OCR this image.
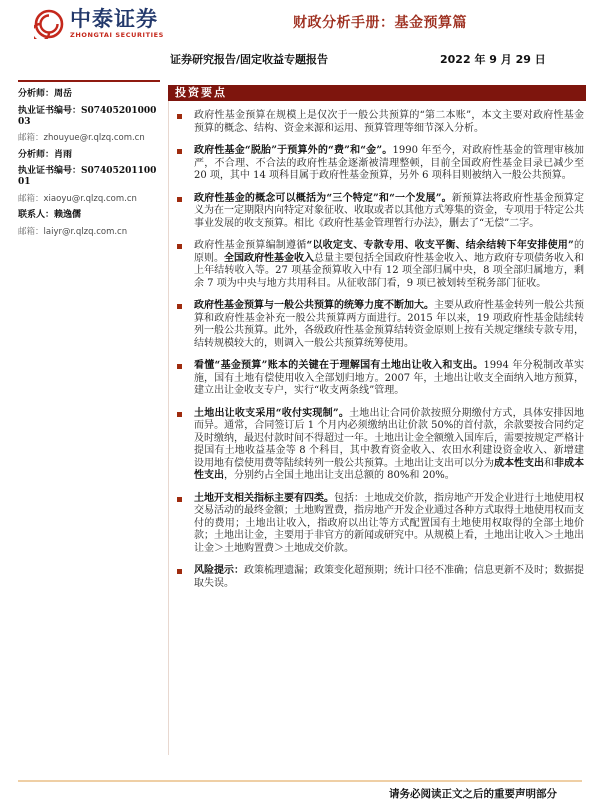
中泰证券
ZHONGTAI SECURITIES
财政分析手册：基金预算篇
证券研究报告/固定收益专题报告	2022 年 9 月 29 日
分析师：周岳
执业证书编号：S0740520100003
邮箱：zhouyue@r.qlzq.com.cn
分析师：肖雨
执业证书编号：S0740520110001
邮箱：xiaoyu@r.qlzq.com.cn
联系人：赖逸儒
邮箱：laiyr@r.qlzq.com.cn
投资要点
政府性基金预算在规模上是仅次于一般公共预算的“第二本账”，本文主要对政府性基金预算的概念、结构、资金来源和运用、预算管理等细节深入分析。
政府性基金“脱胎”于预算外的“费”和“金”。1990 年至今，对政府性基金的管理审核加严，不合理、不合法的政府性基金逐渐被清理整顿，目前全国政府性基金目录已减少至 20 项，其中 14 项科目属于政府性基金预算，另外 6 项科目则被纳入一般公共预算。
政府性基金的概念可以概括为“三个特定”和“一个发展”。新预算法将政府性基金预算定义为在一定期限内向特定对象征收、收取或者以其他方式筹集的资金，专项用于特定公共事业发展的收支预算。相比《政府性基金管理暂行办法》，删去了“无偿”二字。
政府性基金预算编制遵循“以收定支、专款专用、收支平衡、结余结转下年安排使用”的原则。全国政府性基金收入总量主要包括全国政府性基金收入、地方政府专项债务收入和上年结转收入等。27 项基金预算收入中有 12 项全部归属中央，8 项全部归属地方，剩余 7 项为中央与地方共用科目。从征收部门看，9 项已被划转至税务部门征收。
政府性基金预算与一般公共预算的统筹力度不断加大。主要从政府性基金转列一般公共预算和政府性基金补充一般公共预算两方面进行。2015 年以来，19 项政府性基金陆续转列一般公共预算。此外，各级政府性基金预算结转资金原则上按有关规定继续专款专用，结转规模较大的，则调入一般公共预算统筹使用。
看懂“基金预算”账本的关键在于理解国有土地出让收入和支出。1994 年分税制改革实施，国有土地有偿使用收入全部划归地方。2007 年，土地出让收支全面纳入地方预算，建立出让金收支专户，实行“收支两条线”管理。
土地出让收支采用“收付实现制”。土地出让合同价款按照分期缴付方式，具体安排因地而异。通常，合同签订后 1 个月内必须缴纳出让价款 50%的首付款，余款要按合同约定及时缴纳，最迟付款时间不得超过一年。土地出让金全额缴入国库后，需要按规定严格计提国有土地收益基金等 8 个科目，其中教育资金收入、农田水利建设资金收入、新增建设用地有偿使用费等陆续转列一般公共预算。土地出让支出可以分为成本性支出和非成本性支出，分别约占全国土地出让支出总额的 80%和 20%。
土地开支相关指标主要有四类。包括：土地成交价款，指房地产开发企业进行土地使用权交易活动的最终金额；土地购置费，指房地产开发企业通过各种方式取得土地使用权而支付的费用；土地出让收入，指政府以出让等方式配置国有土地使用权取得的全部土地价款；土地出让金，主要用于非官方的新闻或研究中。从规模上看，土地出让收入＞土地出让金＞土地购置费＞土地成交价款。
风险提示：政策梳理遗漏；政策变化超预期；统计口径不准确；信息更新不及时；数据提取失误。
请务必阅读正文之后的重要声明部分
